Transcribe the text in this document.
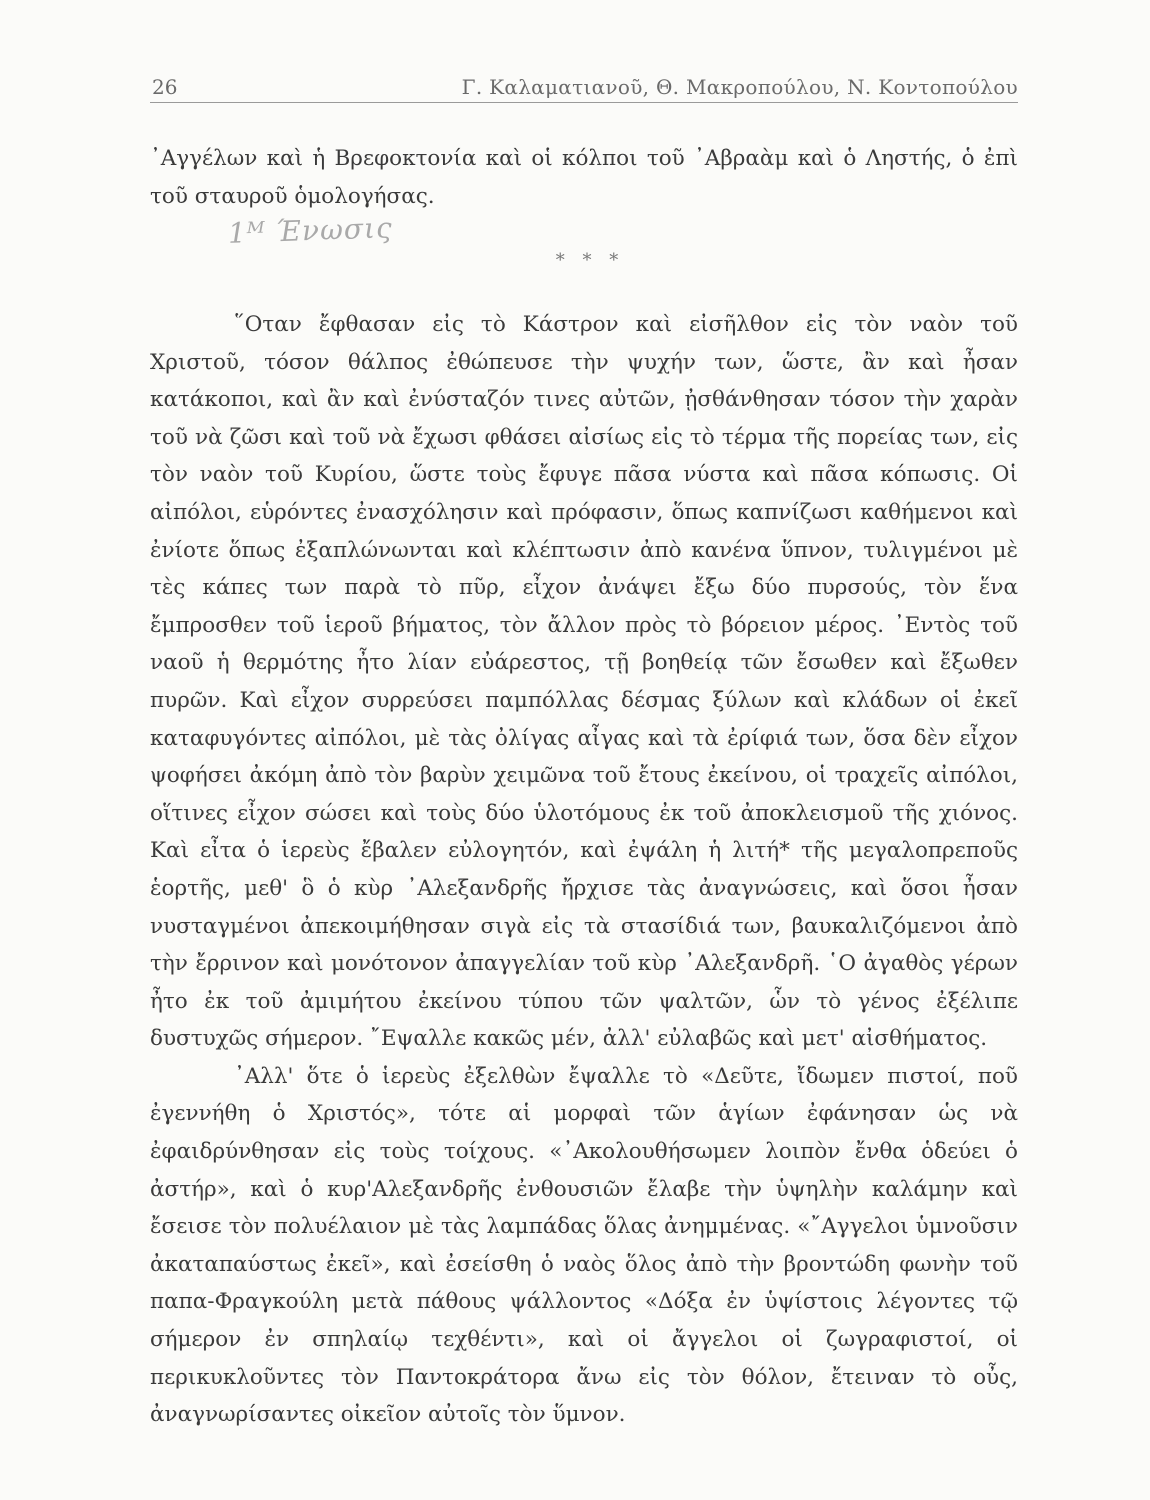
26	Γ. Καλαματιανοῦ, Θ. Μακροπούλου, Ν. Κοντοπούλου

᾿Αγγέλων καὶ ἡ Βρεφοκτονία καὶ οἱ κόλποι τοῦ ᾿Αβραὰμ καὶ ὁ Ληστής, ὁ ἐπὶ τοῦ σταυροῦ ὁμολογήσας.

1ᴹ Ένωσις
* * *

῞Οταν ἔφθασαν εἰς τὸ Κάστρον καὶ εἰσῆλθον εἰς τὸν ναὸν τοῦ Χριστοῦ, τόσον θάλπος ἐθώπευσε τὴν ψυχήν των, ὥστε, ἂν καὶ ἦσαν κατάκοποι, καὶ ἂν καὶ ἐνύσταζόν τινες αὐτῶν, ᾐσθάνθησαν τόσον τὴν χαρὰν τοῦ νὰ ζῶσι καὶ τοῦ νὰ ἔχωσι φθάσει αἰσίως εἰς τὸ τέρμα τῆς πορείας των, εἰς τὸν ναὸν τοῦ Κυρίου, ὥστε τοὺς ἔφυγε πᾶσα νύστα καὶ πᾶσα κόπωσις. Οἱ αἰπόλοι, εὑρόντες ἐνασχόλησιν καὶ πρόφασιν, ὅπως καπνίζωσι καθήμενοι καὶ ἐνίοτε ὅπως ἐξαπλώνωνται καὶ κλέπτωσιν ἀπὸ κανένα ὕπνον, τυλιγμένοι μὲ τὲς κάπες των παρὰ τὸ πῦρ, εἶχον ἀνάψει ἔξω δύο πυρσούς, τὸν ἕνα ἔμπροσθεν τοῦ ἱεροῦ βήματος, τὸν ἄλλον πρὸς τὸ βόρειον μέρος. ᾿Εντὸς τοῦ ναοῦ ἡ θερμότης ἦτο λίαν εὐάρεστος, τῇ βοηθείᾳ τῶν ἔσωθεν καὶ ἔξωθεν πυρῶν. Καὶ εἶχον συρρεύσει παμπόλλας δέσμας ξύλων καὶ κλάδων οἱ ἐκεῖ καταφυγόντες αἰπόλοι, μὲ τὰς ὀλίγας αἶγας καὶ τὰ ἐρίφιά των, ὅσα δὲν εἶχον ψοφήσει ἀκόμη ἀπὸ τὸν βαρὺν χειμῶνα τοῦ ἔτους ἐκείνου, οἱ τραχεῖς αἰπόλοι, οἵτινες εἶχον σώσει καὶ τοὺς δύο ὑλοτόμους ἐκ τοῦ ἀποκλεισμοῦ τῆς χιόνος. Καὶ εἶτα ὁ ἱερεὺς ἔβαλεν εὐλογητόν, καὶ ἐψάλη ἡ λιτή* τῆς μεγαλοπρεποῦς ἑορτῆς, μεθ' ὃ ὁ κὺρ ᾿Αλεξανδρῆς ἤρχισε τὰς ἀναγνώσεις, καὶ ὅσοι ἦσαν νυσταγμένοι ἀπεκοιμήθησαν σιγὰ εἰς τὰ στασίδιά των, βαυκαλιζόμενοι ἀπὸ τὴν ἔρρινον καὶ μονότονον ἀπαγγελίαν τοῦ κὺρ ᾿Αλεξανδρῆ. ῾Ο ἀγαθὸς γέρων ἦτο ἐκ τοῦ ἀμιμήτου ἐκείνου τύπου τῶν ψαλτῶν, ὧν τὸ γένος ἐξέλιπε δυστυχῶς σήμερον. ῎Εψαλλε κακῶς μέν, ἀλλ' εὐλαβῶς καὶ μετ' αἰσθήματος.

᾿Αλλ' ὅτε ὁ ἱερεὺς ἐξελθὼν ἔψαλλε τὸ «Δεῦτε, ἴδωμεν πιστοί, ποῦ ἐγεννήθη ὁ Χριστός», τότε αἱ μορφαὶ τῶν ἁγίων ἐφάνησαν ὡς νὰ ἐφαιδρύνθησαν εἰς τοὺς τοίχους. «᾿Ακολουθήσωμεν λοιπὸν ἔνθα ὁδεύει ὁ ἀστήρ», καὶ ὁ κυρ'Αλεξανδρῆς ἐνθουσιῶν ἔλαβε τὴν ὑψηλὴν καλάμην καὶ ἔσεισε τὸν πολυέλαιον μὲ τὰς λαμπάδας ὅλας ἀνημμένας. «῎Αγγελοι ὑμνοῦσιν ἀκαταπαύστως ἐκεῖ», καὶ ἐσείσθη ὁ ναὸς ὅλος ἀπὸ τὴν βροντώδη φωνὴν τοῦ παπα-Φραγκούλη μετὰ πάθους ψάλλοντος «Δόξα ἐν ὑψίστοις λέγοντες τῷ σήμερον ἐν σπηλαίῳ τεχθέντι», καὶ οἱ ἄγγελοι οἱ ζωγραφιστοί, οἱ περικυκλοῦντες τὸν Παντοκράτορα ἄνω εἰς τὸν θόλον, ἔτειναν τὸ οὖς, ἀναγνωρίσαντες οἰκεῖον αὐτοῖς τὸν ὕμνον.
